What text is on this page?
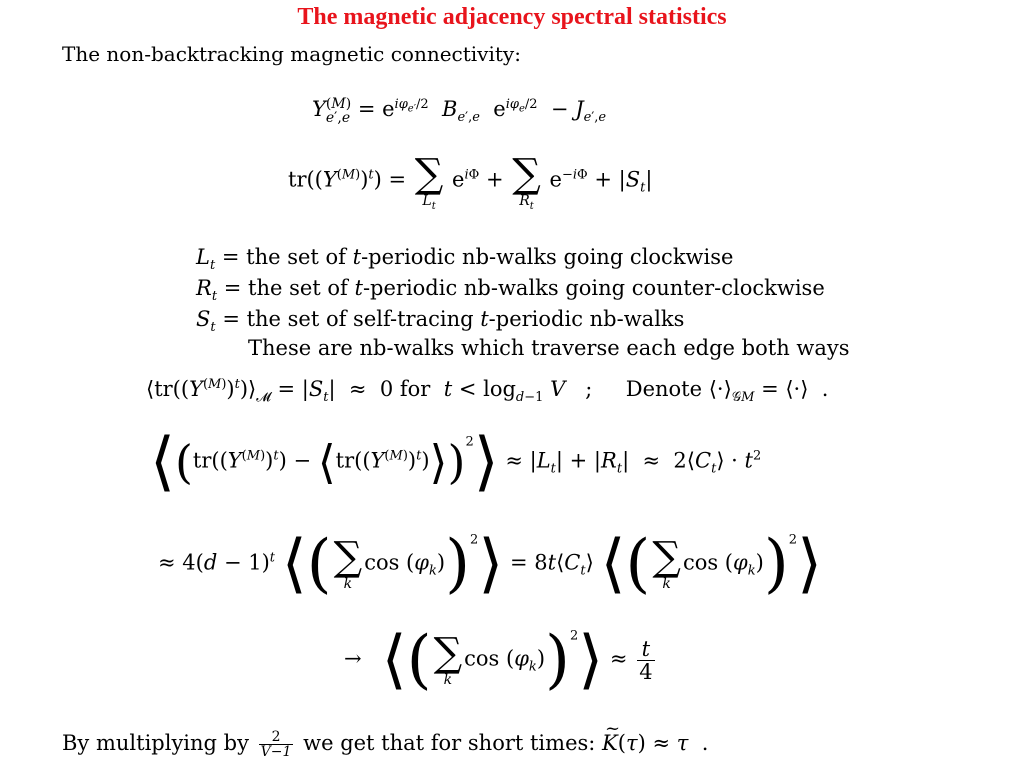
The magnetic adjacency spectral statistics
The non-backtracking magnetic connectivity:
Y (M)
$e',e = e^{i\varphi_{e'}/2}$ $B_{e',e}$  $e^{i\varphi_e/2} - J_{e',e}$
$tr((Y^{(M)})^t)$ = ∑
$L_t$
$e^{i\Phi}$ + ∑
$R_t$
$e^{-i\Phi} + |S_t|$
$L_t$ = the set of t-periodic nb-walks going clockwise
$R_t$ = the set of t-periodic nb-walks going counter-clockwise
$S_t$ = the set of self-tracing t-periodic nb-walks
These are nb-walks which traverse each edge both ways
$⟨tr((Y^{(M)})^t)⟩_𝓜 = |S_t| \approx 0$ for $t < \log_{d-1} V$   ;     Denote $⟨\cdot⟩_{𝒢M}$ = ⟨·⟩  .
$⟨(tr((Y^{(M)})^t)$ − $⟨tr((Y^{(M)})^t)⟩)^2⟩ \approx |L_t| + |R_t|$  ≈  $2⟨C_t⟩ \cdot t^2$
≈ $4(d - 1)^t$ ⟨( ∑
k
$\cos (\varphi_k))^2⟩$ = $8t⟨C_t⟩$ ⟨( ∑
k
$\cos (\varphi_k))^2⟩$
→ ⟨( ∑
k
$\cos (\varphi_k))^2⟩ \approx \frac{t}{4}$
By multiplying by $\frac{2}{V-1}$ we get that for short times: ~ K(τ) ≈ τ  .
